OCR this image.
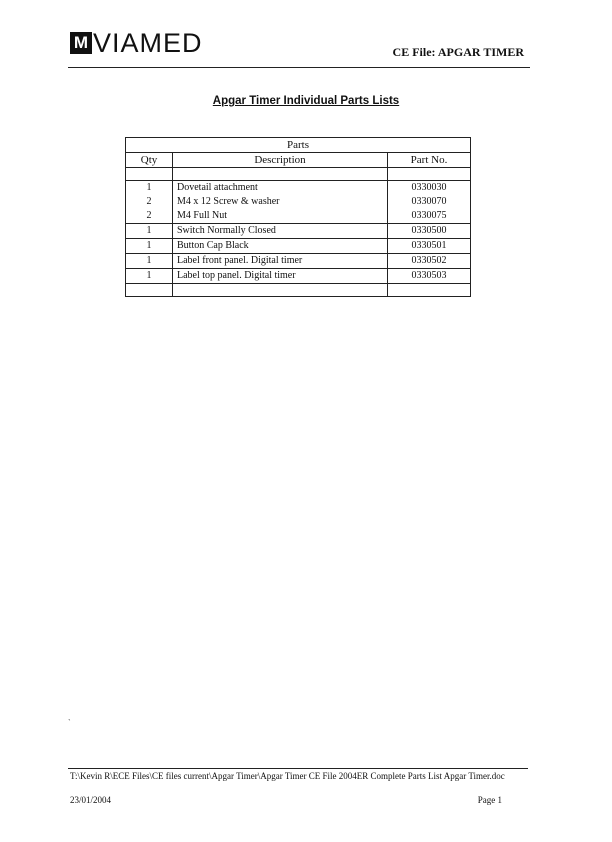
M VIAMED	CE File: APGAR TIMER
Apgar Timer Individual Parts Lists
Parts		
Qty	Description	Part No.

1	Dovetail attachment	0330030
2	M4 x 12 Screw & washer	0330070
2	M4 Full Nut	0330075
1	Switch Normally Closed	0330500
1	Button Cap Black	0330501
1	Label front panel. Digital timer	0330502
1	Label top panel. Digital timer	0330503

`
T:\Kevin R\ECE Files\CE files current\Apgar Timer\Apgar Timer CE File 2004ER Complete Parts List Apgar Timer.doc
23/01/2004	Page 1
